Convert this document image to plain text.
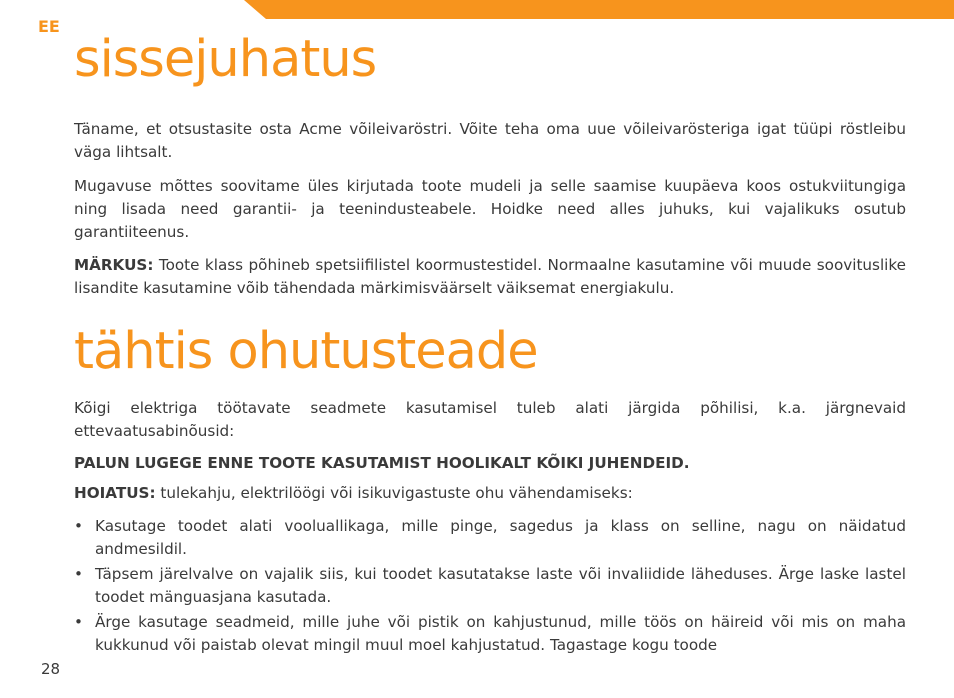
EE
sissejuhatus

Täname, et otsustasite osta Acme võileivaröstri. Võite teha oma uue võileivarösteriga igat tüüpi röstleibu väga lihtsalt.

Mugavuse mõttes soovitame üles kirjutada toote mudeli ja selle saamise kuupäeva koos ostukviitungiga ning lisada need garantii- ja teenindusteabele. Hoidke need alles juhuks, kui vajalikuks osutub garantiiteenus.

MÄRKUS: Toote klass põhineb spetsiifilistel koormustestidel. Normaalne kasutamine või muude soovituslike lisandite kasutamine võib tähendada märkimisväärselt väiksemat energiakulu.

tähtis ohutusteade

Kõigi elektriga töötavate seadmete kasutamisel tuleb alati järgida põhilisi, k.a. järgnevaid ettevaatusabinõusid:

PALUN LUGEGE ENNE TOOTE KASUTAMIST HOOLIKALT KÕIKI JUHENDEID.

HOIATUS: tulekahju, elektrilöögi või isikuvigastuste ohu vähendamiseks:

• Kasutage toodet alati vooluallikaga, mille pinge, sagedus ja klass on selline, nagu on näidatud andmesildil.
• Täpsem järelvalve on vajalik siis, kui toodet kasutatakse laste või invaliidide läheduses. Ärge laske lastel toodet mänguasjana kasutada.
• Ärge kasutage seadmeid, mille juhe või pistik on kahjustunud, mille töös on häireid või mis on maha kukkunud või paistab olevat mingil muul moel kahjustatud. Tagastage kogu toode
28
